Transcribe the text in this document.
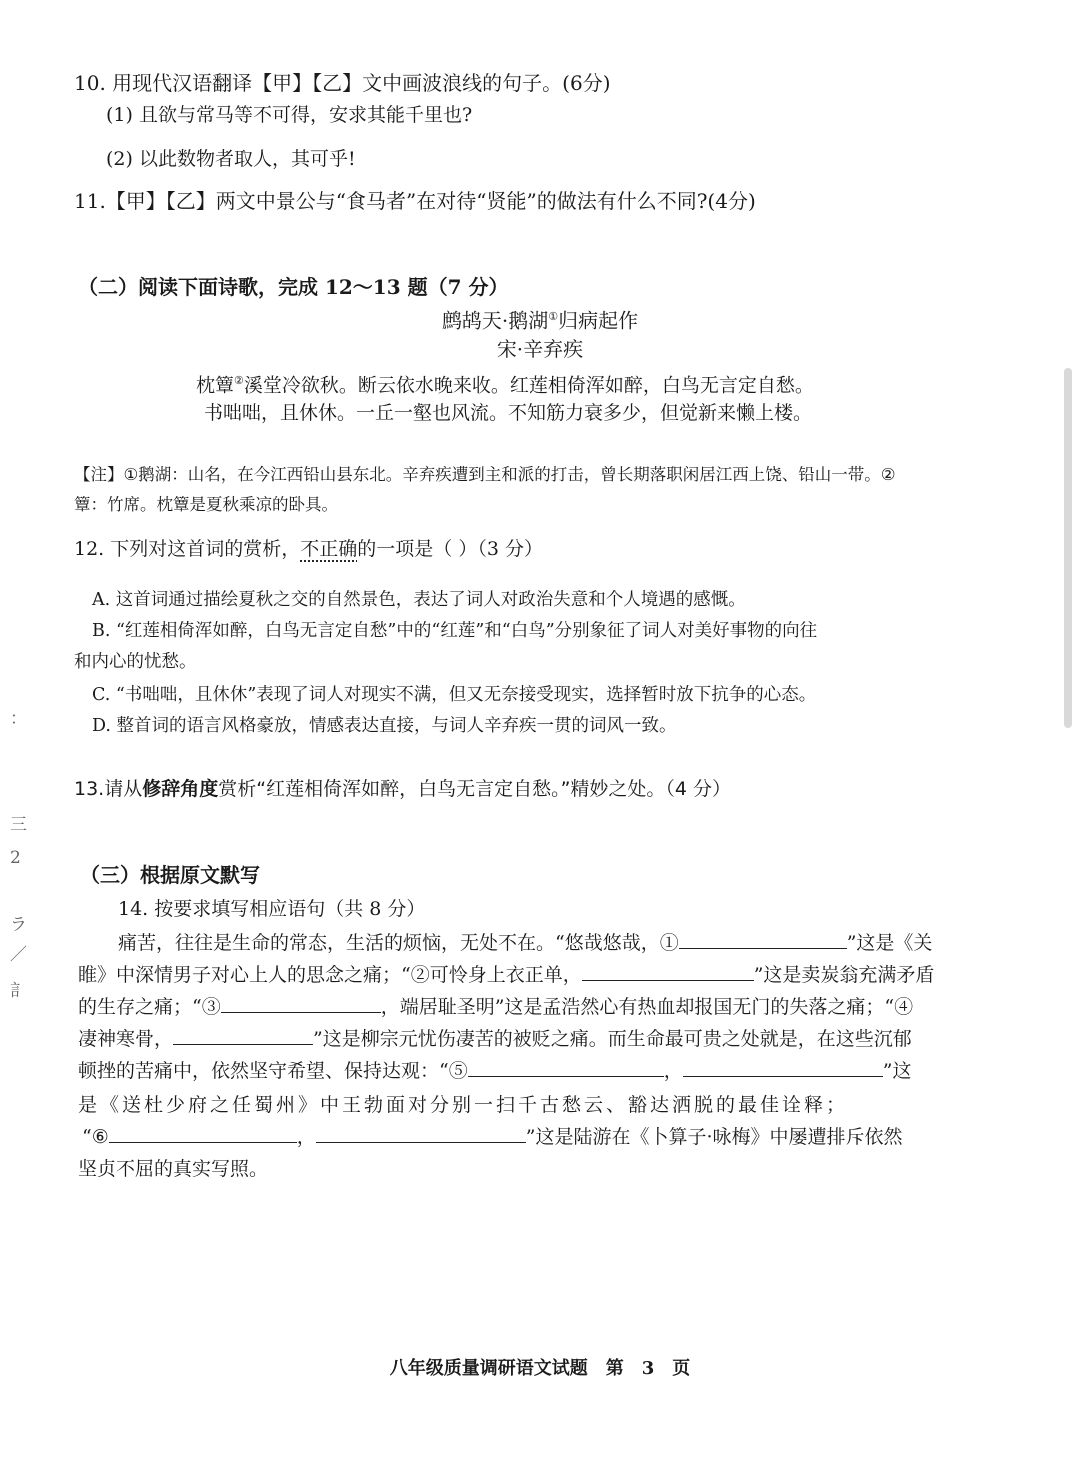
10. 用现代汉语翻译【甲】【乙】文中画波浪线的句子。(6分)
(1) 且欲与常马等不可得，安求其能千里也?
(2) 以此数物者取人，其可乎!
11.【甲】【乙】两文中景公与“食马者”在对待“贤能”的做法有什么不同?(4分)
（二）阅读下面诗歌，完成 12～13 题（7 分）
鹧鸪天·鹅湖①归病起作
宋·辛弃疾
枕簟②溪堂冷欲秋。断云依水晚来收。红莲相倚浑如醉，白鸟无言定自愁。
书咄咄，且休休。一丘一壑也风流。不知筋力衰多少，但觉新来懒上楼。
【注】①鹅湖：山名，在今江西铅山县东北。辛弃疾遭到主和派的打击，曾长期落职闲居江西上饶、铅山一带。②
簟：竹席。枕簟是夏秋乘凉的卧具。
12. 下列对这首词的赏析，不正确的一项是（ ）（3 分）
A. 这首词通过描绘夏秋之交的自然景色，表达了词人对政治失意和个人境遇的感慨。
B. “红莲相倚浑如醉，白鸟无言定自愁”中的“红莲”和“白鸟”分别象征了词人对美好事物的向往
和内心的忧愁。
C. “书咄咄，且休休”表现了词人对现实不满，但又无奈接受现实，选择暂时放下抗争的心态。
D. 整首词的语言风格豪放，情感表达直接，与词人辛弃疾一贯的词风一致。
13.请从修辞角度赏析“红莲相倚浑如醉，白鸟无言定自愁。”精妙之处。（4 分）
（三）根据原文默写
14. 按要求填写相应语句（共 8 分）
痛苦，往往是生命的常态，生活的烦恼，无处不在。“悠哉悠哉，①	”这是《关
睢》中深情男子对心上人的思念之痛；“②可怜身上衣正单，	”这是卖炭翁充满矛盾
的生存之痛；“③	，端居耻圣明”这是孟浩然心有热血却报国无门的失落之痛；“④
凄神寒骨，	”这是柳宗元忧伤凄苦的被贬之痛。而生命最可贵之处就是，在这些沉郁
顿挫的苦痛中，依然坚守希望、保持达观：“⑤	，	”这
是《送杜少府之任蜀州》中王勃面对分别一扫千古愁云、豁达洒脱的最佳诠释；
“⑥	，	”这是陆游在《卜算子·咏梅》中屡遭排斥依然
坚贞不屈的真实写照。
八年级质量调研语文试题　第　3　页
：
三
2
ラ
／
訁
